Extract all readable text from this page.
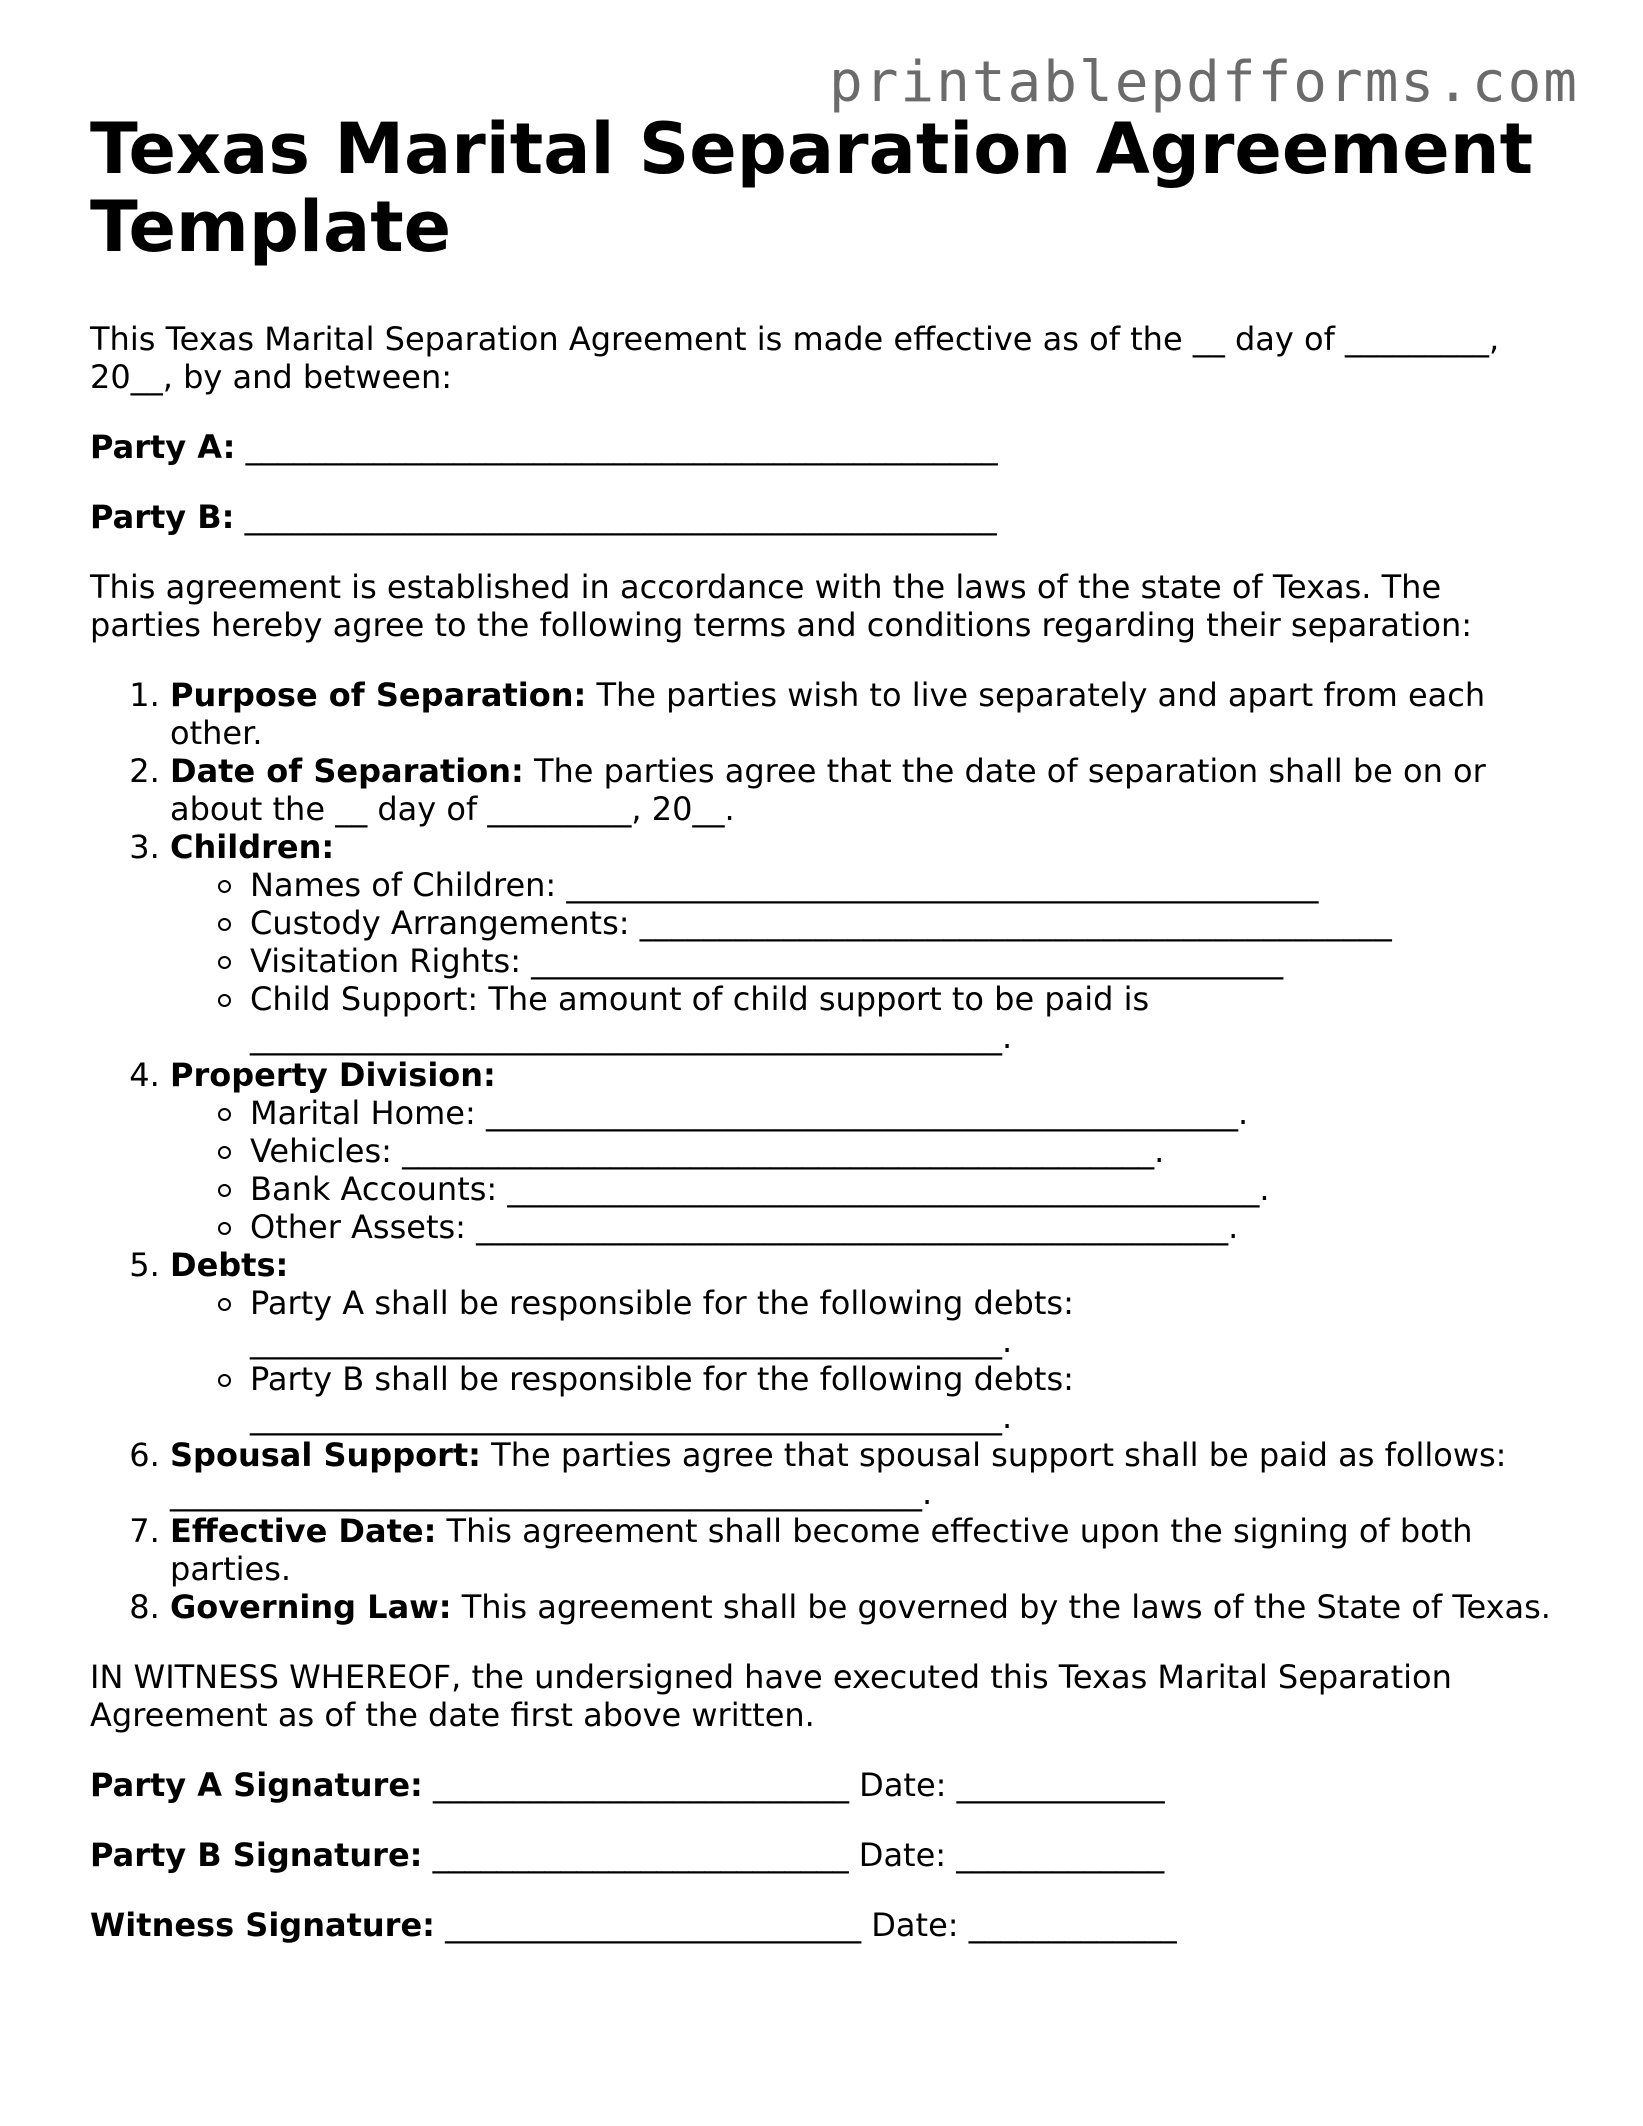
printablepdfforms.com
Texas Marital Separation Agreement Template

This Texas Marital Separation Agreement is made effective as of the __ day of _________, 20__, by and between:

Party A: _______________________________________________

Party B: _______________________________________________

This agreement is established in accordance with the laws of the state of Texas. The parties hereby agree to the following terms and conditions regarding their separation:

1. Purpose of Separation: The parties wish to live separately and apart from each other.
2. Date of Separation: The parties agree that the date of separation shall be on or about the __ day of _________, 20__.
3. Children:
Names of Children: _______________________________________________
Custody Arrangements: _______________________________________________
Visitation Rights: _______________________________________________
Child Support: The amount of child support to be paid is _______________________________________________.
4. Property Division:
Marital Home: _______________________________________________.
Vehicles: _______________________________________________.
Bank Accounts: _______________________________________________.
Other Assets: _______________________________________________.
5. Debts:
Party A shall be responsible for the following debts: _______________________________________________.
Party B shall be responsible for the following debts: _______________________________________________.
6. Spousal Support: The parties agree that spousal support shall be paid as follows: _______________________________________________.
7. Effective Date: This agreement shall become effective upon the signing of both parties.
8. Governing Law: This agreement shall be governed by the laws of the State of Texas.

IN WITNESS WHEREOF, the undersigned have executed this Texas Marital Separation Agreement as of the date first above written.

Party A Signature: __________________________ Date: _____________

Party B Signature: __________________________ Date: _____________

Witness Signature: __________________________ Date: _____________
